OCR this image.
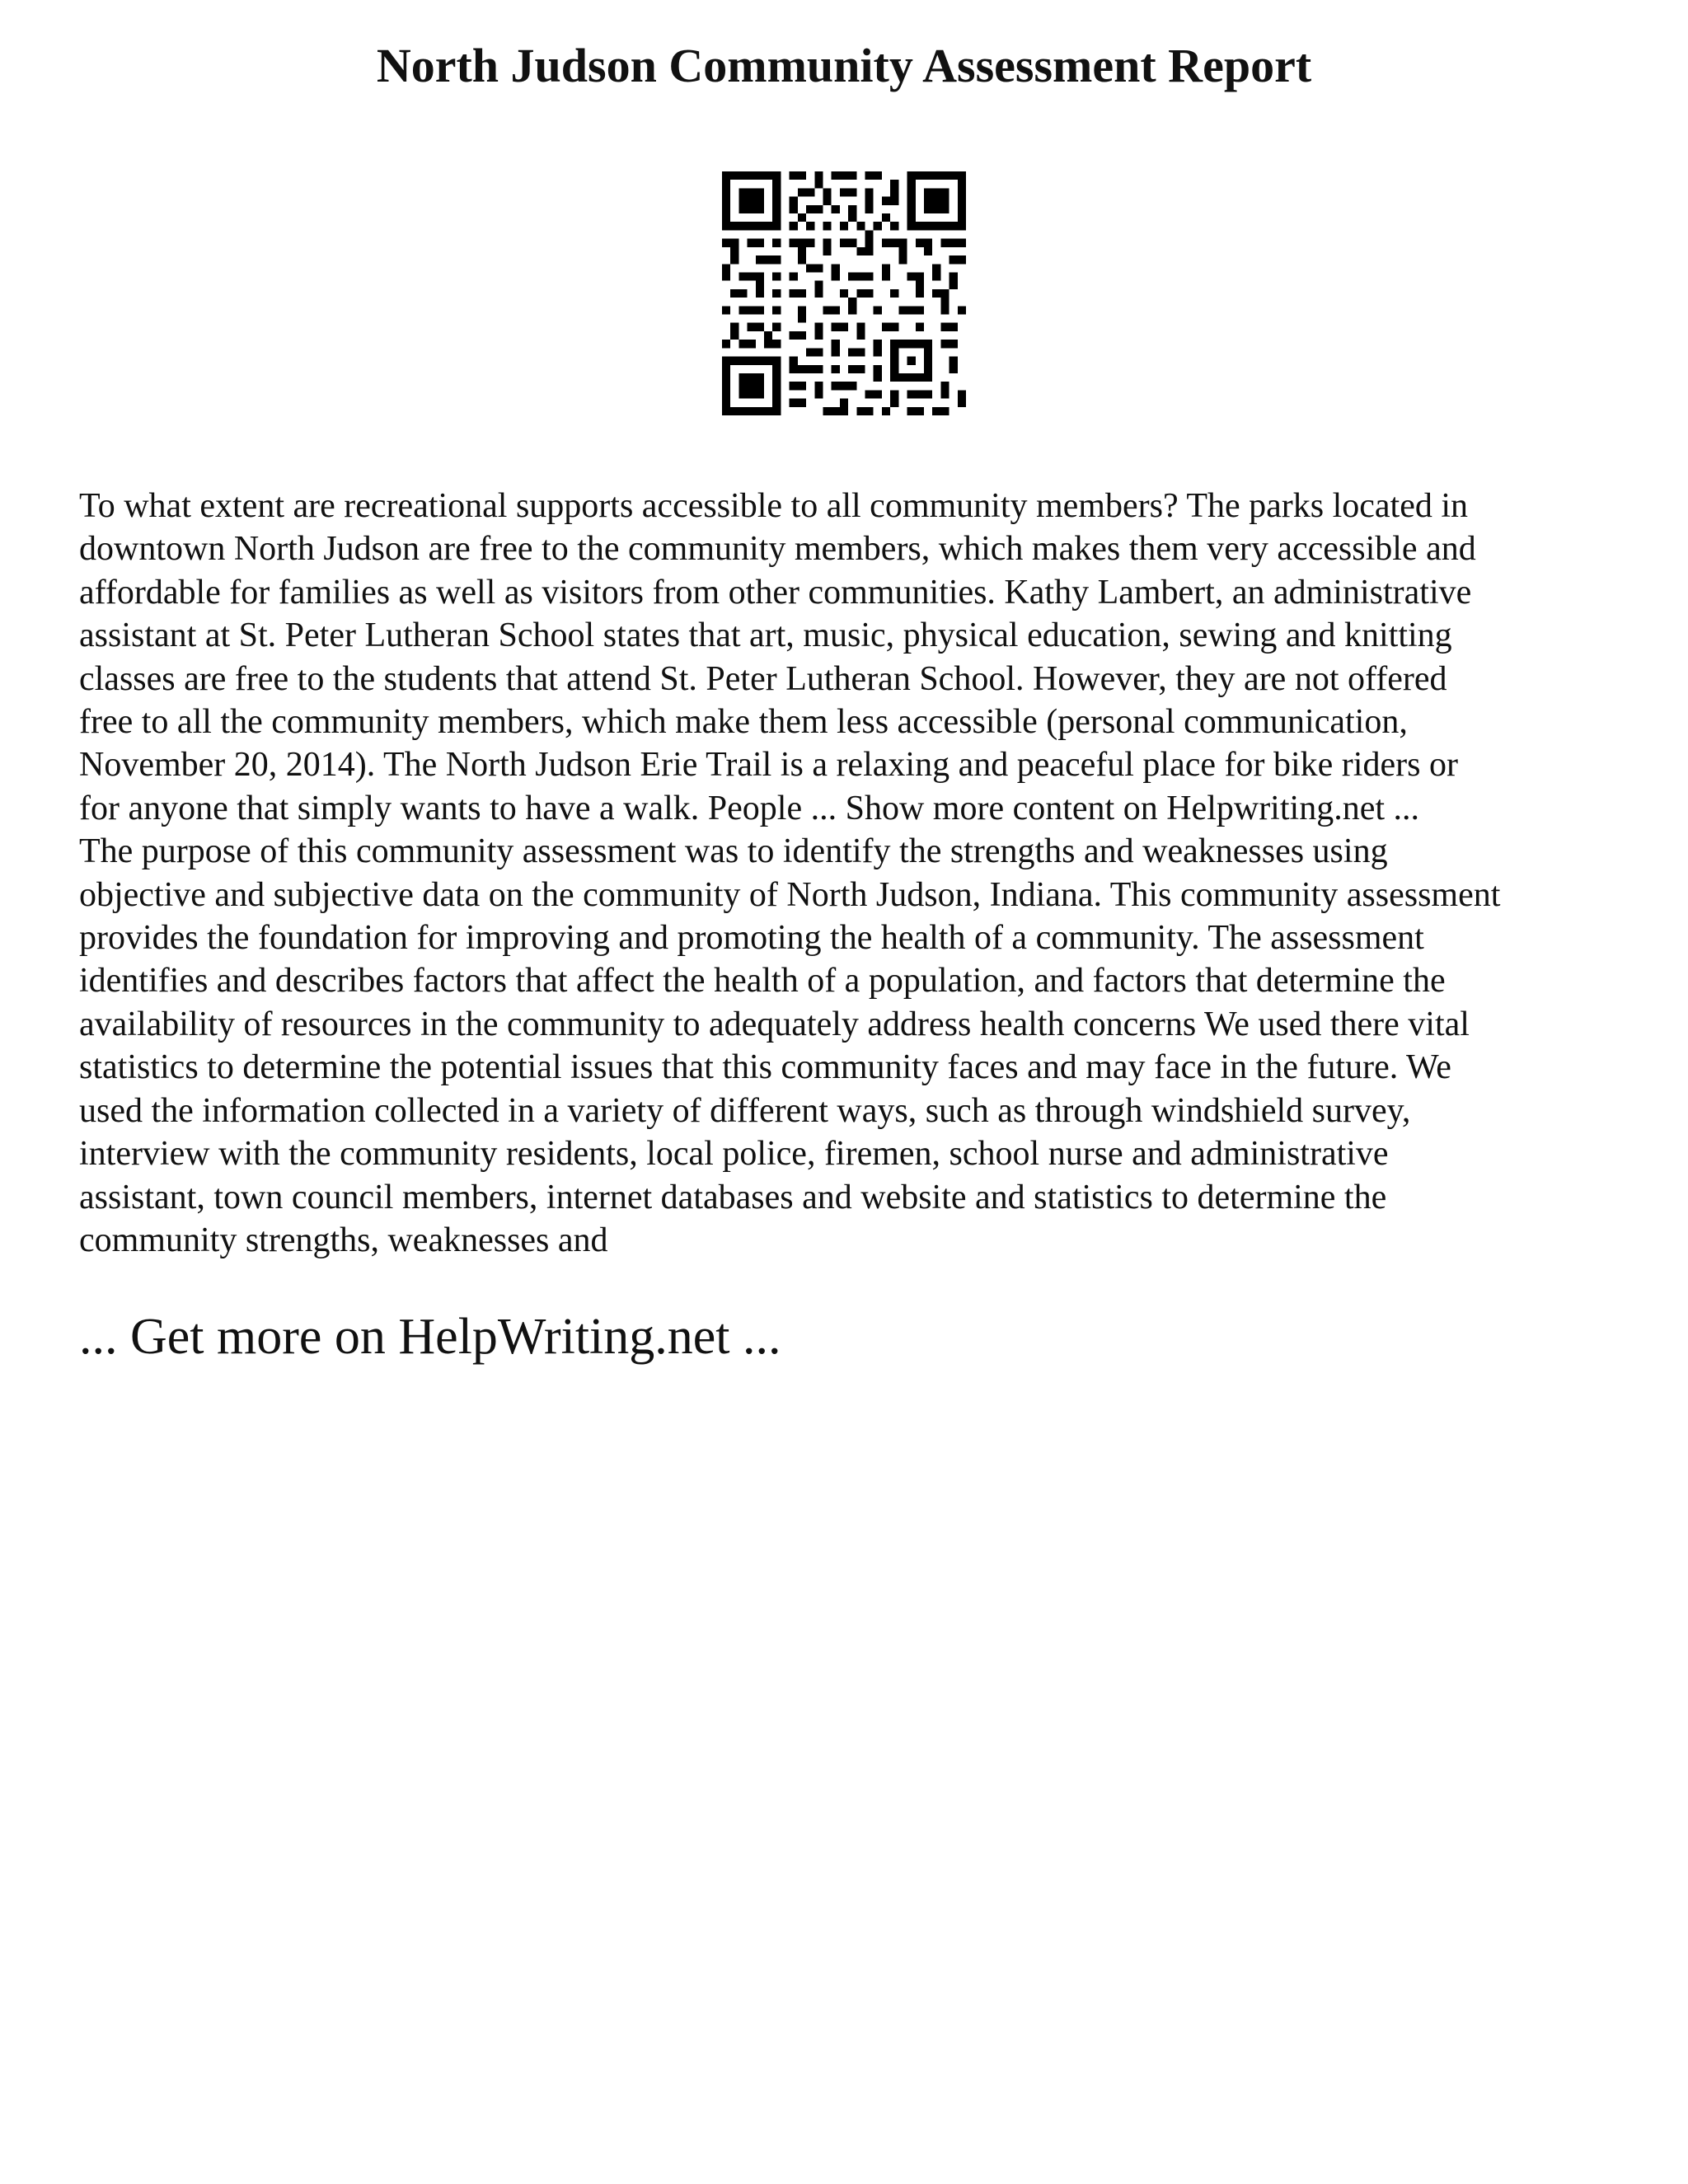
North Judson Community Assessment Report

To what extent are recreational supports accessible to all community members? The parks located in
downtown North Judson are free to the community members, which makes them very accessible and
affordable for families as well as visitors from other communities. Kathy Lambert, an administrative
assistant at St. Peter Lutheran School states that art, music, physical education, sewing and knitting
classes are free to the students that attend St. Peter Lutheran School. However, they are not offered
free to all the community members, which make them less accessible (personal communication,
November 20, 2014). The North Judson Erie Trail is a relaxing and peaceful place for bike riders or
for anyone that simply wants to have a walk. People ... Show more content on Helpwriting.net ...
The purpose of this community assessment was to identify the strengths and weaknesses using
objective and subjective data on the community of North Judson, Indiana. This community assessment
provides the foundation for improving and promoting the health of a community. The assessment
identifies and describes factors that affect the health of a population, and factors that determine the
availability of resources in the community to adequately address health concerns We used there vital
statistics to determine the potential issues that this community faces and may face in the future. We
used the information collected in a variety of different ways, such as through windshield survey,
interview with the community residents, local police, firemen, school nurse and administrative
assistant, town council members, internet databases and website and statistics to determine the
community strengths, weaknesses and

... Get more on HelpWriting.net ...
